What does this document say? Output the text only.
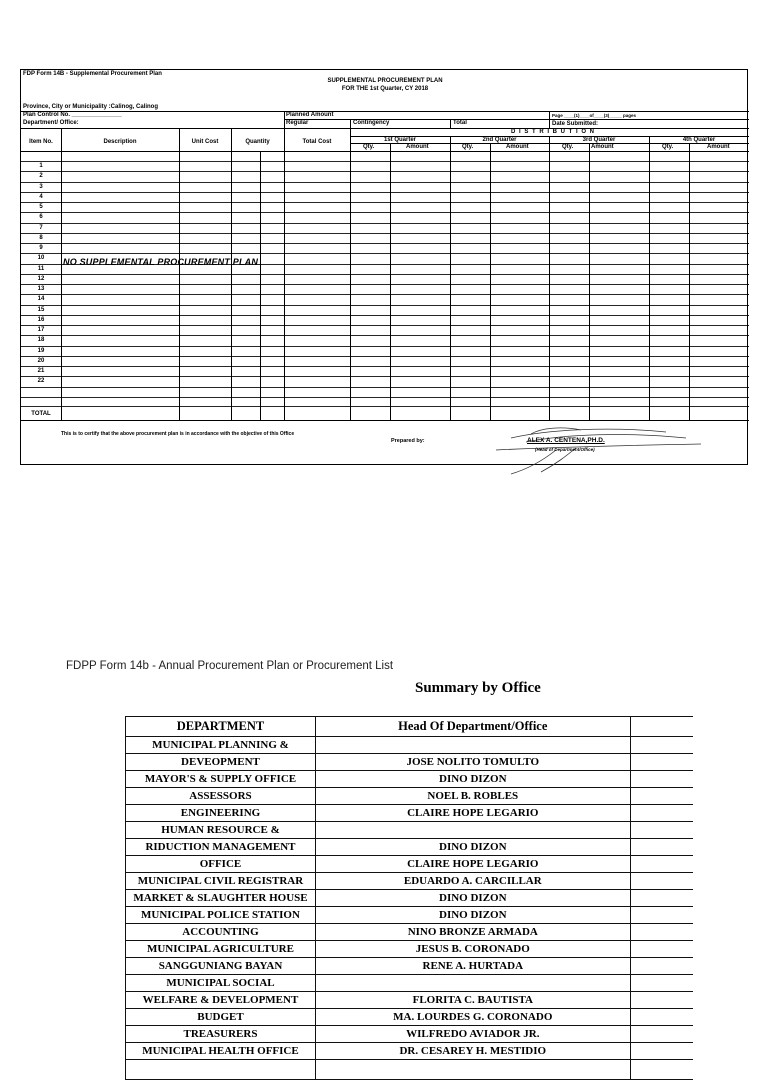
FDP Form 14B - Supplemental Procurement Plan
SUPPLEMENTAL PROCUREMENT PLAN
FOR THE 1st Quarter, CY 2018
Province, City or Municipality :Calinog, Calinog
Plan Control No. _______________
Department/ Office:
Planned Amount
Regular	Contingency	Total
Page ____(1)____of____(3)_____ pages
Date Submitted:
D I S T R I B U T I O N
Item No.	Description	Unit Cost	Quantity	Total Cost	1st Quarter	2nd Quarter	3rd Quarter	4th Quarter
Qty.	Amount	Qty.	Amount	Qty.	Amount	Qty.	Amount
1
2
3
4
5
6
7
8
9
10
11
12
13
14
15
16
17
18
19
20
21
22
NO SUPPLEMENTAL PROCUREMENT PLAN
TOTAL
This is to certify that the above procurement plan is in accordance with the objective of this Office
Prepared by:	ALEX A. CENTENA,PH.D.
(Head of Department/Office)
FDPP Form 14b - Annual Procurement Plan or Procurement List
Summary by Office
DEPARTMENT	Head Of Department/Office	
MUNICIPAL PLANNING &		
DEVEOPMENT	JOSE NOLITO TOMULTO	
MAYOR'S & SUPPLY OFFICE	DINO DIZON	
ASSESSORS	NOEL B. ROBLES	
ENGINEERING	CLAIRE HOPE LEGARIO	
HUMAN RESOURCE &		
RIDUCTION MANAGEMENT	DINO DIZON	
OFFICE	CLAIRE HOPE LEGARIO	
MUNICIPAL CIVIL REGISTRAR	EDUARDO A. CARCILLAR	
MARKET & SLAUGHTER HOUSE	DINO DIZON	
MUNICIPAL POLICE STATION	DINO DIZON	
ACCOUNTING	NINO BRONZE ARMADA	
MUNICIPAL AGRICULTURE	JESUS B. CORONADO	
SANGGUNIANG BAYAN	RENE A. HURTADA	
MUNICIPAL SOCIAL		
WELFARE & DEVELOPMENT	FLORITA C. BAUTISTA	
BUDGET	MA. LOURDES G. CORONADO	
TREASURERS	WILFREDO AVIADOR JR.	
MUNICIPAL HEALTH OFFICE	DR. CESAREY H. MESTIDIO	
